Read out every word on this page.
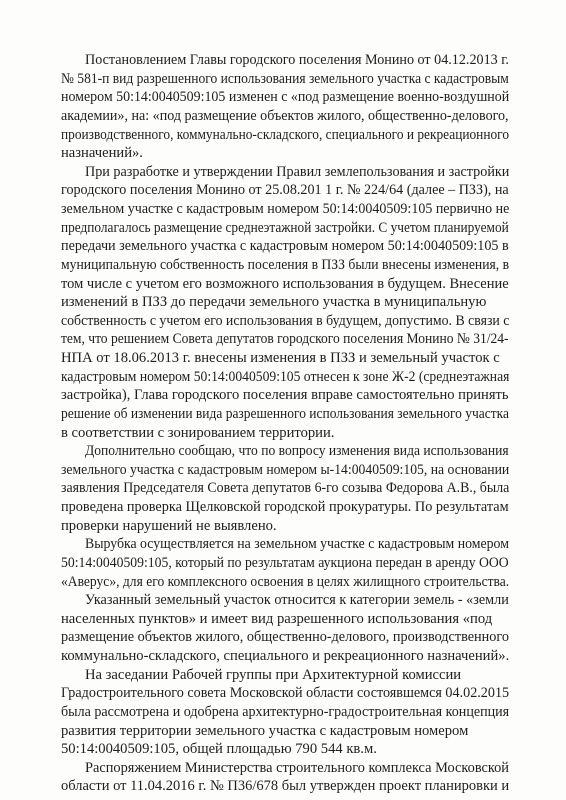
Постановлением Главы городского поселения Монино от 04.12.2013 г.
№ 581-п вид разрешенного использования земельного участка с кадастровым
номером 50:14:0040509:105 изменен с «под размещение военно-воздушной
академии», на: «под размещение объектов жилого, общественно-делового,
производственного, коммунально-складского, специального и рекреационного
назначений».
При разработке и утверждении Правил землепользования и застройки
городского поселения Монино от 25.08.201 1 г. № 224/64 (далее – ПЗЗ), на
земельном участке с кадастровым номером 50:14:0040509:105 первично не
предполагалось размещение среднеэтажной застройки. С учетом планируемой
передачи земельного участка с кадастровым номером 50:14:0040509:105 в
муниципальную собственность поселения в ПЗЗ были внесены изменения, в
том числе с учетом его возможного использования в будущем. Внесение
изменений в ПЗЗ до передачи земельного участка в муниципальную
собственность с учетом его использования в будущем, допустимо. В связи с
тем, что решением Совета депутатов городского поселения Монино № 31/24-
НПА от 18.06.2013 г. внесены изменения в ПЗЗ и земельный участок с
кадастровым номером 50:14:0040509:105 отнесен к зоне Ж-2 (среднеэтажная
застройка), Глава городского поселения вправе самостоятельно принять
решение об изменении вида разрешенного использования земельного участка
в соответствии с зонированием территории.
Дополнительно сообщаю, что по вопросу изменения вида использования
земельного участка с кадастровым номером ы-14:0040509:105, на основании
заявления Председателя Совета депутатов 6-го созыва Федорова А.В., была
проведена проверка Щелковской городской прокуратуры. По результатам
проверки нарушений не выявлено.
Вырубка осуществляется на земельном участке с кадастровым номером
50:14:0040509:105, который по результатам аукциона передан в аренду ООО
«Аверус», для его комплексного освоения в целях жилищного строительства.
Указанный земельный участок относится к категории земель - «земли
населенных пунктов» и имеет вид разрешенного использования «под
размещение объектов жилого, общественно-делового, производственного
коммунально-складского, специального и рекреационного назначений».
На заседании Рабочей группы при Архитектурной комиссии
Градостроительного совета Московской области состоявшемся 04.02.2015
была рассмотрена и одобрена архитектурно-градостроительная концепция
развития территории земельного участка с кадастровым номером
50:14:0040509:105, общей площадью 790 544 кв.м.
Распоряжением Министерства строительного комплекса Московской
области от 11.04.2016 г. № П36/678 был утвержден проект планировки и
